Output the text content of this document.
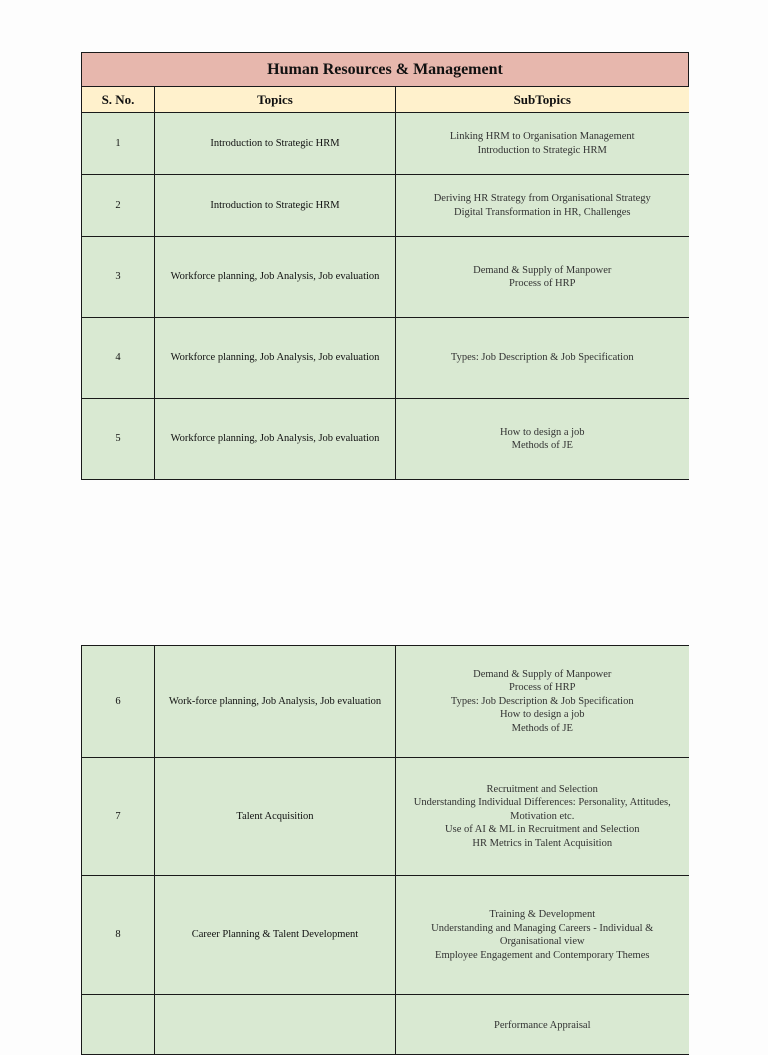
Human Resources & Management		
S. No.	Topics	SubTopics
1	Introduction to Strategic HRM	Linking HRM to Organisation Management
Introduction to Strategic HRM

2	Introduction to Strategic HRM	Deriving HR Strategy from Organisational Strategy
Digital Transformation in HR, Challenges

3	Workforce planning, Job Analysis, Job evaluation	Demand & Supply of Manpower
Process of HRP

4	Workforce planning, Job Analysis, Job evaluation	Types: Job Description & Job Specification

5	Workforce planning, Job Analysis, Job evaluation	How to design a job
Methods of JE
6	Work-force planning, Job Analysis, Job evaluation	Demand & Supply of Manpower
Process of HRP
Types: Job Description & Job Specification
How to design a job
Methods of JE

7	Talent Acquisition	Recruitment and Selection
Understanding Individual Differences: Personality, Attitudes, Motivation etc.
Use of AI & ML in Recruitment and Selection
HR Metrics in Talent Acquisition

8	Career Planning & Talent Development	Training & Development
Understanding and Managing Careers - Individual & Organisational view
Employee Engagement and Contemporary Themes

		Performance Appraisal
